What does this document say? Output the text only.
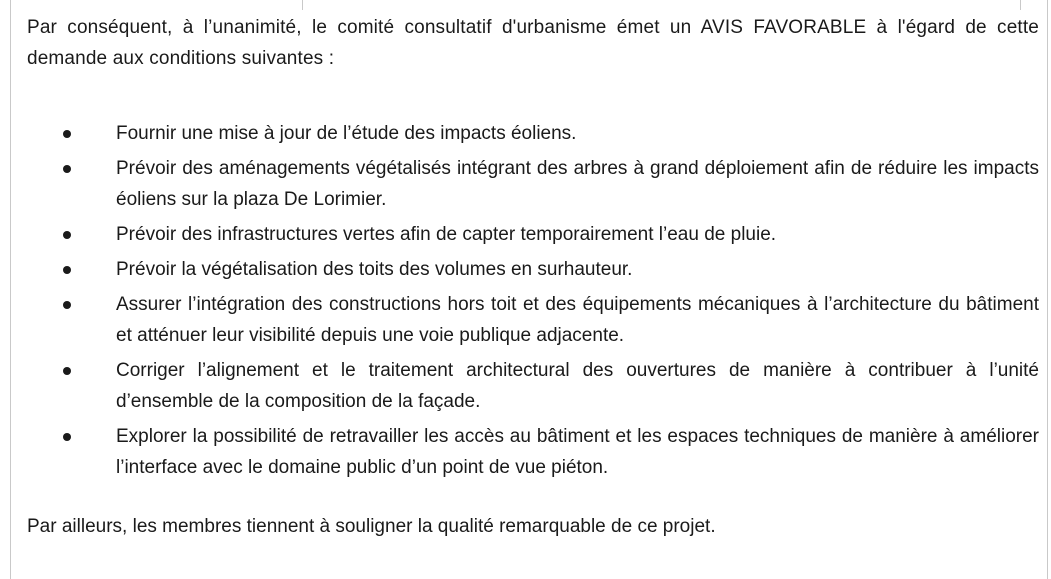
Par conséquent, à l’unanimité, le comité consultatif d'urbanisme émet un AVIS FAVORABLE à l'égard de cette demande aux conditions suivantes :

Fournir une mise à jour de l’étude des impacts éoliens.
Prévoir des aménagements végétalisés intégrant des arbres à grand déploiement afin de réduire les impacts éoliens sur la plaza De Lorimier.
Prévoir des infrastructures vertes afin de capter temporairement l’eau de pluie.
Prévoir la végétalisation des toits des volumes en surhauteur.
Assurer l’intégration des constructions hors toit et des équipements mécaniques à l’architecture du bâtiment et atténuer leur visibilité depuis une voie publique adjacente.
Corriger l’alignement et le traitement architectural des ouvertures de manière à contribuer à l’unité d’ensemble de la composition de la façade.
Explorer la possibilité de retravailler les accès au bâtiment et les espaces techniques de manière à améliorer l’interface avec le domaine public d’un point de vue piéton.

Par ailleurs, les membres tiennent à souligner la qualité remarquable de ce projet.
